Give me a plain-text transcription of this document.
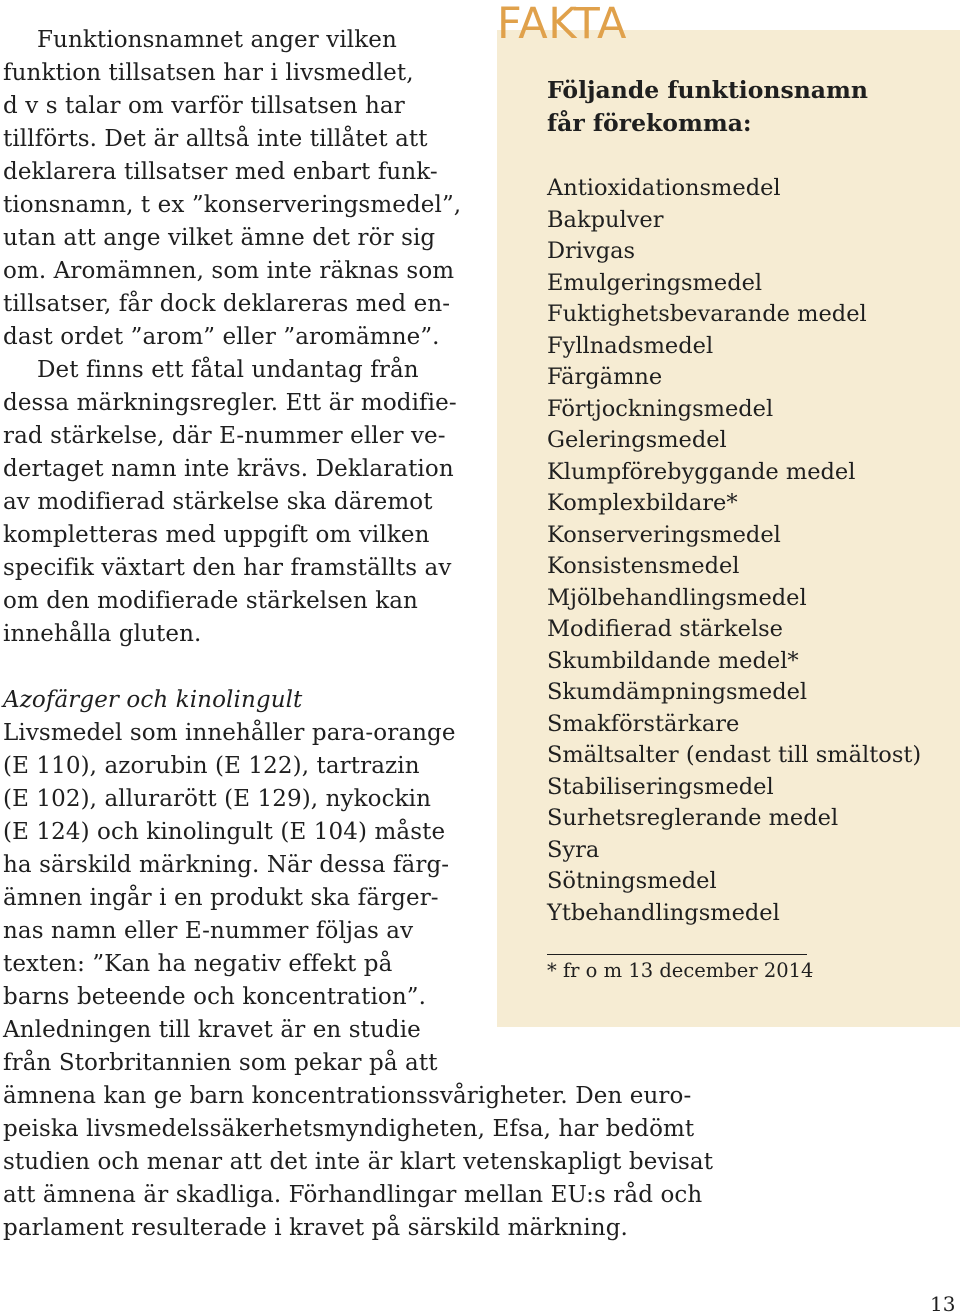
FAKTA
Följande funktionsnamn
får förekomma:
Antioxidationsmedel
Bakpulver
Drivgas
Emulgeringsmedel
Fuktighetsbevarande medel
Fyllnadsmedel
Färgämne
Förtjockningsmedel
Geleringsmedel
Klumpförebyggande medel
Komplexbildare*
Konserveringsmedel
Konsistensmedel
Mjölbehandlingsmedel
Modifierad stärkelse
Skumbildande medel*
Skumdämpningsmedel
Smakförstärkare
Smältsalter (endast till smältost)
Stabiliseringsmedel
Surhetsreglerande medel
Syra
Sötningsmedel
Ytbehandlingsmedel
* fr o m 13 december 2014
Funktionsnamnet anger vilken
funktion tillsatsen har i livsmedlet,
d v s talar om varför tillsatsen har
tillförts. Det är alltså inte tillåtet att
deklarera tillsatser med enbart funk-
tionsnamn, t ex ”konserveringsmedel”,
utan att ange vilket ämne det rör sig
om. Aromämnen, som inte räknas som
tillsatser, får dock deklareras med en-
dast ordet ”arom” eller ”aromämne”.
Det finns ett fåtal undantag från
dessa märkningsregler. Ett är modifie-
rad stärkelse, där E-nummer eller ve-
dertaget namn inte krävs. Deklaration
av modifierad stärkelse ska däremot
kompletteras med uppgift om vilken
specifik växtart den har framställts av
om den modifierade stärkelsen kan
innehålla gluten.
Azofärger och kinolingult
Livsmedel som innehåller para-orange
(E 110), azorubin (E 122), tartrazin
(E 102), allurarött (E 129), nykockin
(E 124) och kinolingult (E 104) måste
ha särskild märkning. När dessa färg-
ämnen ingår i en produkt ska färger-
nas namn eller E-nummer följas av
texten: ”Kan ha negativ effekt på
barns beteende och koncentration”.
Anledningen till kravet är en studie
från Storbritannien som pekar på att
ämnena kan ge barn koncentrationssvårigheter. Den euro-
peiska livsmedelssäkerhetsmyndigheten, Efsa, har bedömt
studien och menar att det inte är klart vetenskapligt bevisat
att ämnena är skadliga. Förhandlingar mellan EU:s råd och
parlament resulterade i kravet på särskild märkning.
13
